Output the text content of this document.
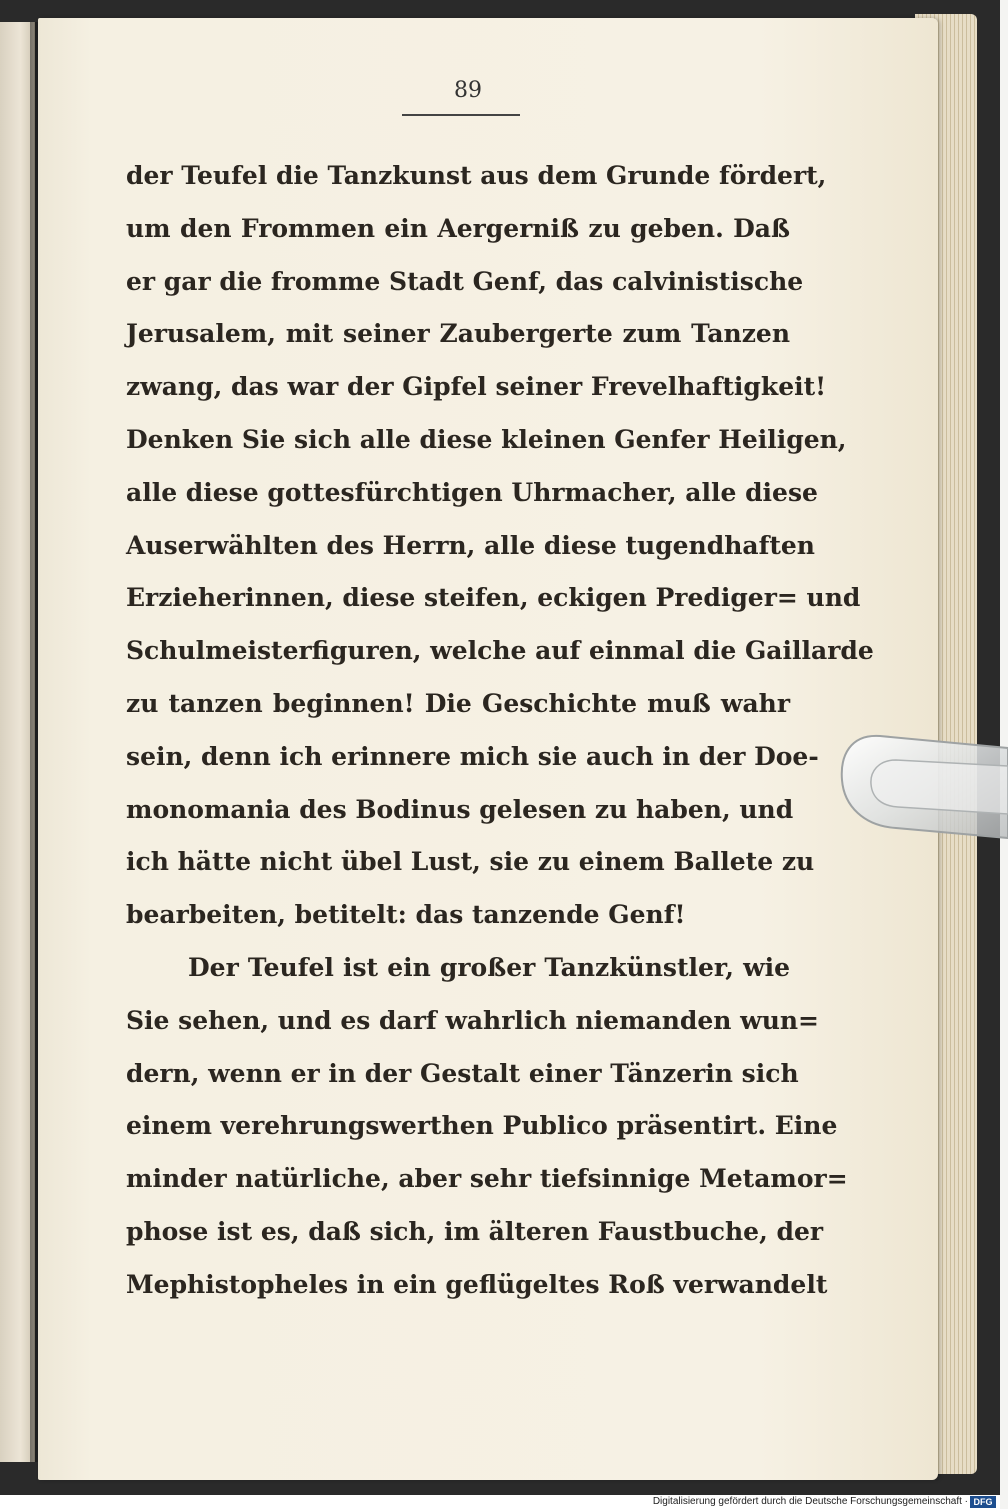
89
der Teufel die Tanzkunst aus dem Grunde fördert,
um den Frommen ein Aergerniß zu geben. Daß
er gar die fromme Stadt Genf, das calvinistische
Jerusalem, mit seiner Zaubergerte zum Tanzen
zwang, das war der Gipfel seiner Frevelhaftigkeit!
Denken Sie sich alle diese kleinen Genfer Heiligen,
alle diese gottesfürchtigen Uhrmacher, alle diese
Auserwählten des Herrn, alle diese tugendhaften
Erzieherinnen, diese steifen, eckigen Prediger= und
Schulmeisterfiguren, welche auf einmal die Gaillarde
zu tanzen beginnen! Die Geschichte muß wahr
sein, denn ich erinnere mich sie auch in der Doe-
monomania des Bodinus gelesen zu haben, und
ich hätte nicht übel Lust, sie zu einem Ballete zu
bearbeiten, betitelt: das tanzende Genf!
Der Teufel ist ein großer Tanzkünstler, wie
Sie sehen, und es darf wahrlich niemanden wun=
dern, wenn er in der Gestalt einer Tänzerin sich
einem verehrungswerthen Publico präsentirt. Eine
minder natürliche, aber sehr tiefsinnige Metamor=
phose ist es, daß sich, im älteren Faustbuche, der
Mephistopheles in ein geflügeltes Roß verwandelt
Digitalisierung gefördert durch die Deutsche Forschungsgemeinschaft · DFG
